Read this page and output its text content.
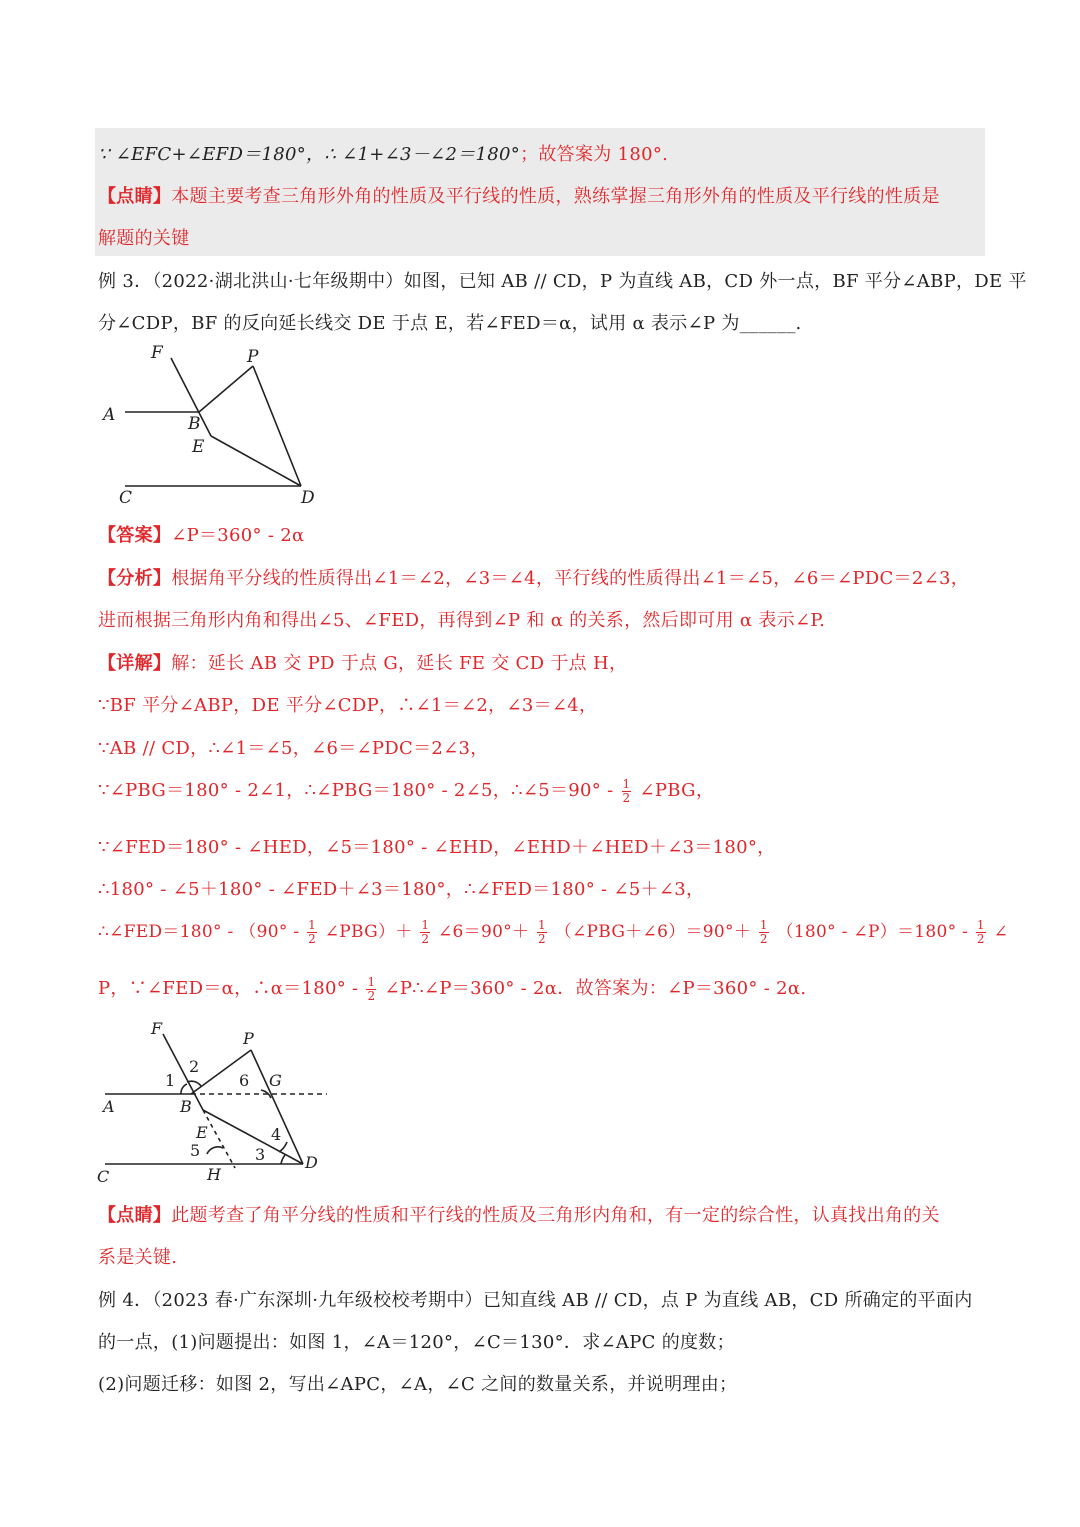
∵ ∠EFC+∠EFD＝180°，∴ ∠1+∠3－∠2＝180°；故答案为 180°.
【点睛】本题主要考查三角形外角的性质及平行线的性质，熟练掌握三角形外角的性质及平行线的性质是
解题的关键
例 3．（2022·湖北洪山·七年级期中）如图，已知 AB // CD，P 为直线 AB，CD 外一点，BF 平分∠ABP，DE 平
分∠CDP，BF 的反向延长线交 DE 于点 E，若∠FED＝α，试用 α 表示∠P 为______.
F	P
A	B
E
C	D
【答案】∠P＝360° - 2α
【分析】根据角平分线的性质得出∠1＝∠2，∠3＝∠4，平行线的性质得出∠1＝∠5，∠6＝∠PDC＝2∠3，
进而根据三角形内角和得出∠5、∠FED，再得到∠P 和 α 的关系，然后即可用 α 表示∠P.
【详解】解：延长 AB 交 PD 于点 G，延长 FE 交 CD 于点 H，
∵BF 平分∠ABP，DE 平分∠CDP，∴∠1＝∠2，∠3＝∠4，
∵AB // CD，∴∠1＝∠5，∠6＝∠PDC＝2∠3，
∵∠PBG＝180° - 2∠1，∴∠PBG＝180° - 2∠5，∴∠5＝90° - $\frac{1}{2}$ ∠PBG，
∵∠FED＝180° - ∠HED，∠5＝180° - ∠EHD，∠EHD＋∠HED＋∠3＝180°，
∴180° - ∠5＋180° - ∠FED＋∠3＝180°，∴∠FED＝180° - ∠5＋∠3，
∴∠FED＝180° - （$90^\circ - \frac{1}{2}$ ∠PBG）＋ $\frac{1}{2}$ ∠6＝90°＋ $\frac{1}{2}$ （∠PBG＋∠6）＝90°＋ $\frac{1}{2} (180^\circ$ - ∠P）＝180° - $\frac{1}{2}$ ∠
P，∵∠FED＝α，∴α＝180° - $\frac{1}{2}$ ∠P∴∠P＝360° - 2α．故答案为：∠P＝360° - 2α.
F
P
2
1	6 G
A	B
E	4
5	3
C	H
D
【点睛】此题考查了角平分线的性质和平行线的性质及三角形内角和，有一定的综合性，认真找出角的关
系是关键.
例 4．（2023 春·广东深圳·九年级校校考期中）已知直线 AB // CD，点 P 为直线 AB，CD 所确定的平面内
的一点，(1)问题提出：如图 1，∠A＝120°，∠C＝130°．求∠APC 的度数；
(2)问题迁移：如图 2，写出∠APC，∠A，∠C 之间的数量关系，并说明理由；
